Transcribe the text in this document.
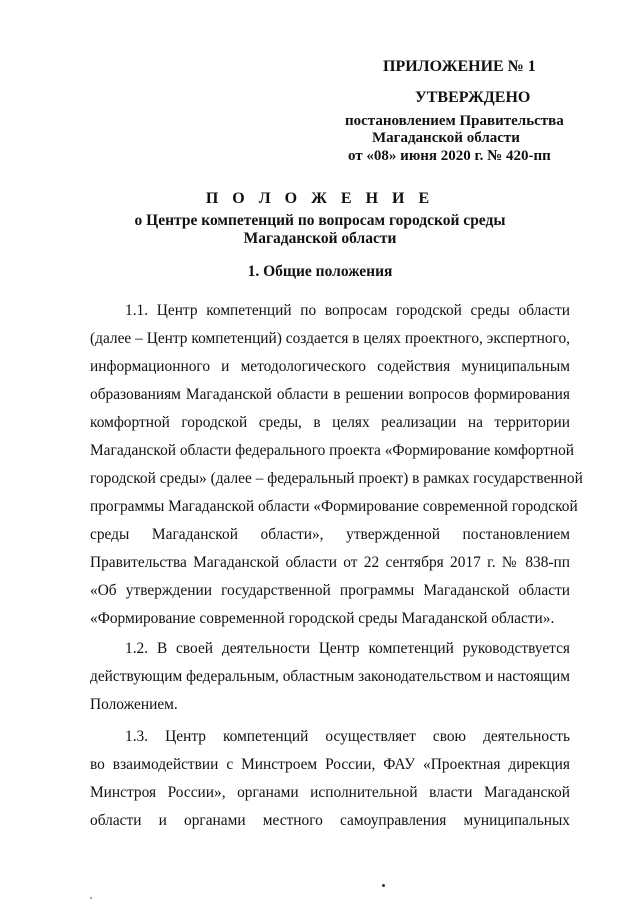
ПРИЛОЖЕНИЕ № 1
УТВЕРЖДЕНО
постановлением Правительства
Магаданской области
от «08» июня 2020 г. № 420-пп
П О Л О Ж Е Н И Е
о Центре компетенций по вопросам городской среды
Магаданской области
1. Общие положения
1.1. Центр компетенций по вопросам городской среды области
(далее – Центр компетенций) создается в целях проектного, экспертного,
информационного и методологического содействия муниципальным
образованиям Магаданской области в решении вопросов формирования
комфортной городской среды, в целях реализации на территории
Магаданской области федерального проекта «Формирование комфортной
городской среды» (далее – федеральный проект) в рамках государственной
программы Магаданской области «Формирование современной городской
среды Магаданской области», утвержденной постановлением
Правительства Магаданской области от 22 сентября 2017 г. № 838-пп
«Об утверждении государственной программы Магаданской области
«Формирование современной городской среды Магаданской области».
1.2. В своей деятельности Центр компетенций руководствуется
действующим федеральным, областным законодательством и настоящим
Положением.
1.3. Центр компетенций осуществляет свою деятельность
во взаимодействии с Минстроем России, ФАУ «Проектная дирекция
Минстроя России», органами исполнительной власти Магаданской
области и органами местного самоуправления муниципальных
